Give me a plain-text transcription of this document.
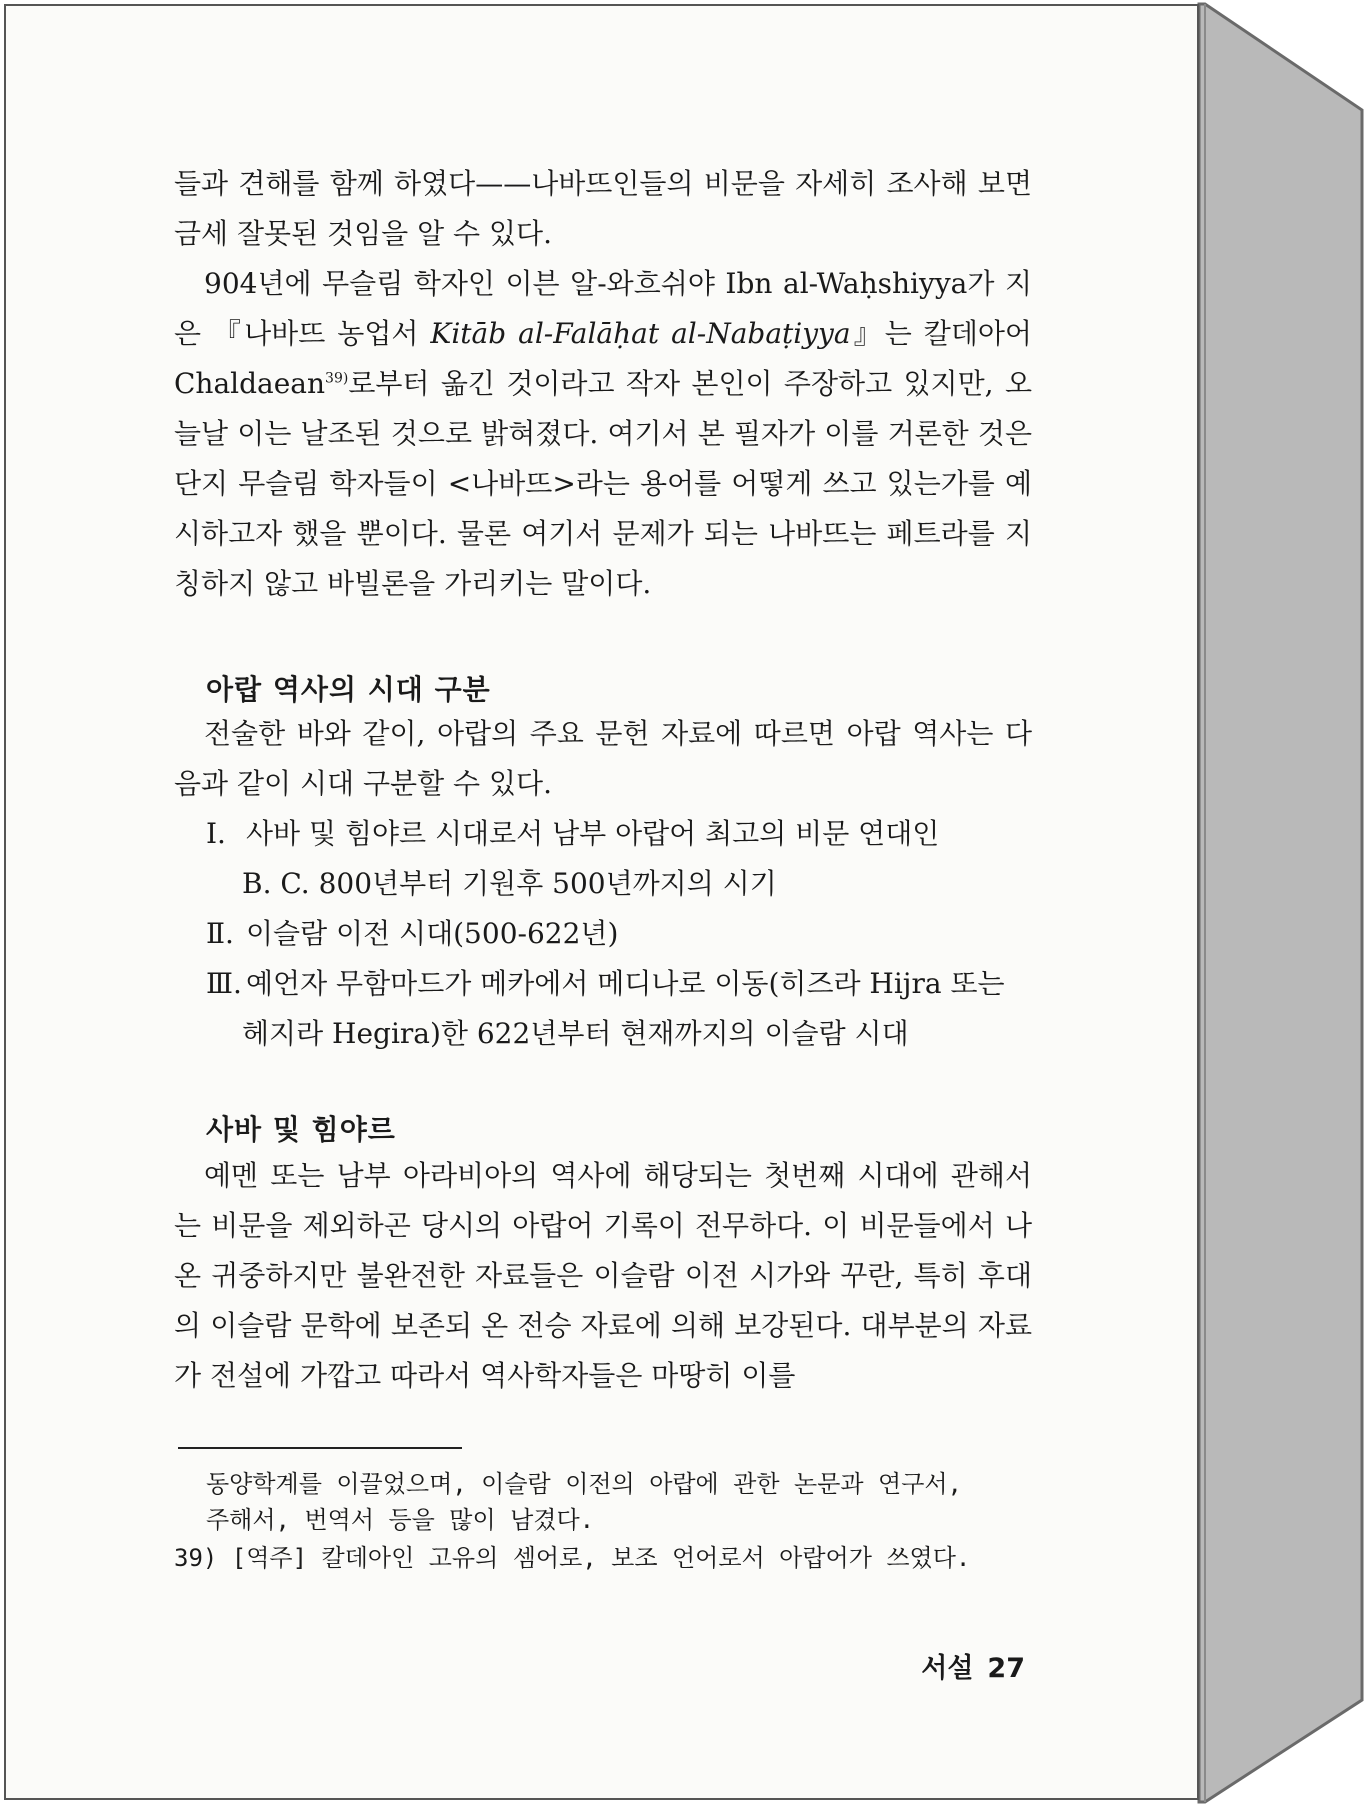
들과 견해를 함께 하였다——나바뜨인들의 비문을 자세히 조사해 보면 금세 잘못된 것임을 알 수 있다.

904년에 무슬림 학자인 이븐 알-와흐쉬야 Ibn al-Waḥshiyya가 지은 『나바뜨 농업서 Kitāb al-Falāḥat al-Nabaṭiyya』는 칼데아어 Chaldaean$^{39)}$로부터 옮긴 것이라고 작자 본인이 주장하고 있지만, 오늘날 이는 날조된 것으로 밝혀졌다. 여기서 본 필자가 이를 거론한 것은 단지 무슬림 학자들이 <나바뜨>라는 용어를 어떻게 쓰고 있는가를 예시하고자 했을 뿐이다. 물론 여기서 문제가 되는 나바뜨는 페트라를 지칭하지 않고 바빌론을 가리키는 말이다.

아랍 역사의 시대 구분

전술한 바와 같이, 아랍의 주요 문헌 자료에 따르면 아랍 역사는 다음과 같이 시대 구분할 수 있다.

Ⅰ. 사바 및 힘야르 시대로서 남부 아랍어 최고의 비문 연대인

B. C. 800년부터 기원후 500년까지의 시기

Ⅱ. 이슬람 이전 시대(500-622년)

Ⅲ. 예언자 무함마드가 메카에서 메디나로 이동(히즈라 Hijra 또는

헤지라 Hegira)한 622년부터 현재까지의 이슬람 시대

사바 및 힘야르

예멘 또는 남부 아라비아의 역사에 해당되는 첫번째 시대에 관해서는 비문을 제외하곤 당시의 아랍어 기록이 전무하다. 이 비문들에서 나온 귀중하지만 불완전한 자료들은 이슬람 이전 시가와 꾸란, 특히 후대의 이슬람 문학에 보존되 온 전승 자료에 의해 보강된다. 대부분의 자료가 전설에 가깝고 따라서 역사학자들은 마땅히 이를

동양학계를 이끌었으며, 이슬람 이전의 아랍에 관한 논문과 연구서,

주해서, 번역서 등을 많이 남겼다.

39) [역주] 칼데아인 고유의 셈어로, 보조 언어로서 아랍어가 쓰였다.

서설 27
